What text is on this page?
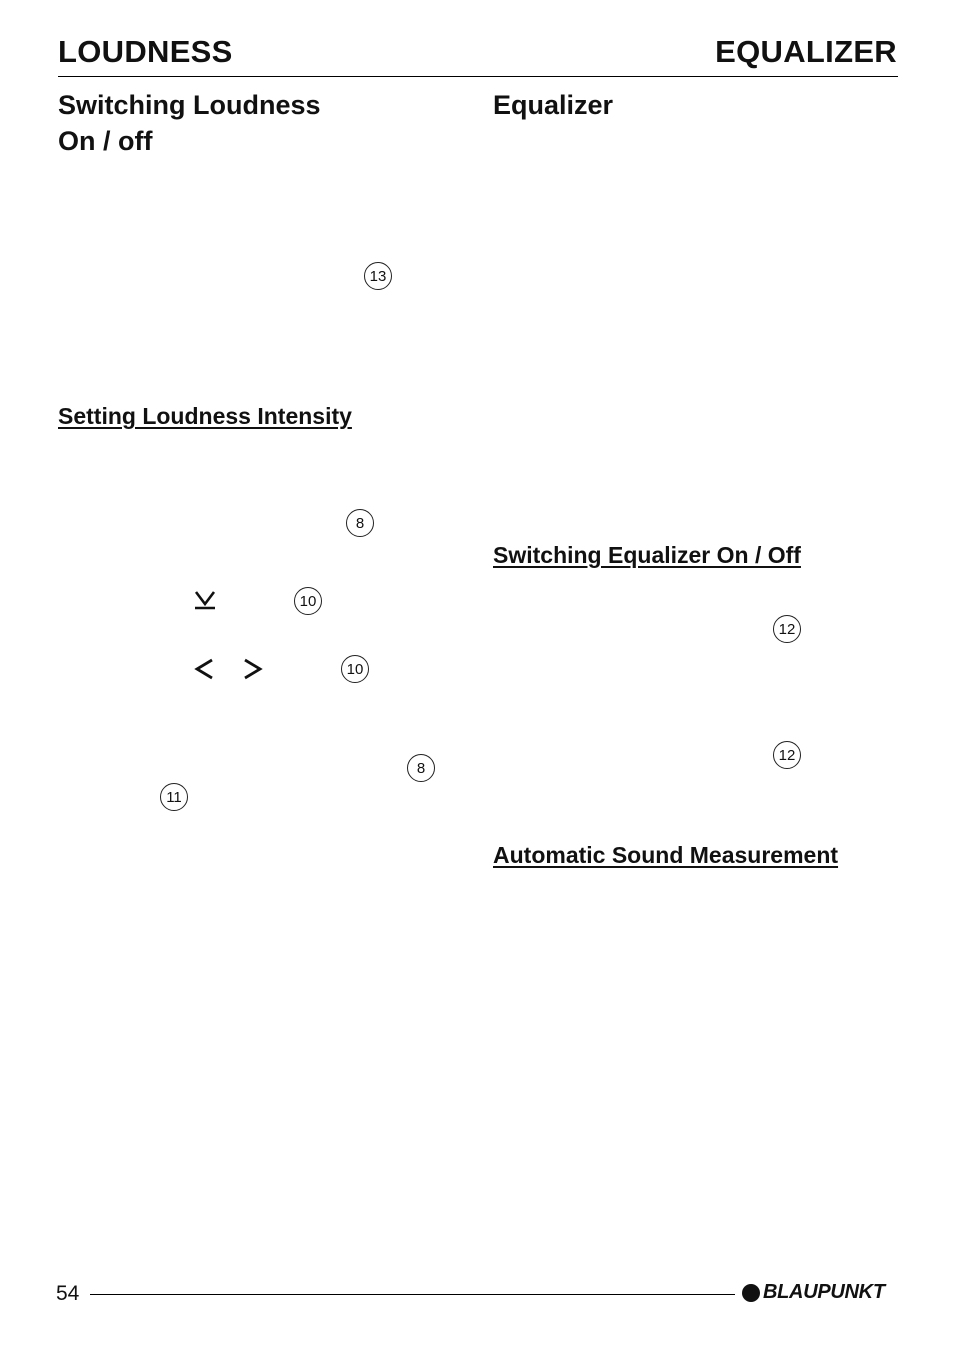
LOUDNESS	EQUALIZER
Switching Loudness
On / off
13
Setting Loudness Intensity
8
10
10
8
11
Equalizer
Switching Equalizer On / Off
12
12
Automatic Sound Measurement
54	BLAUPUNKT
